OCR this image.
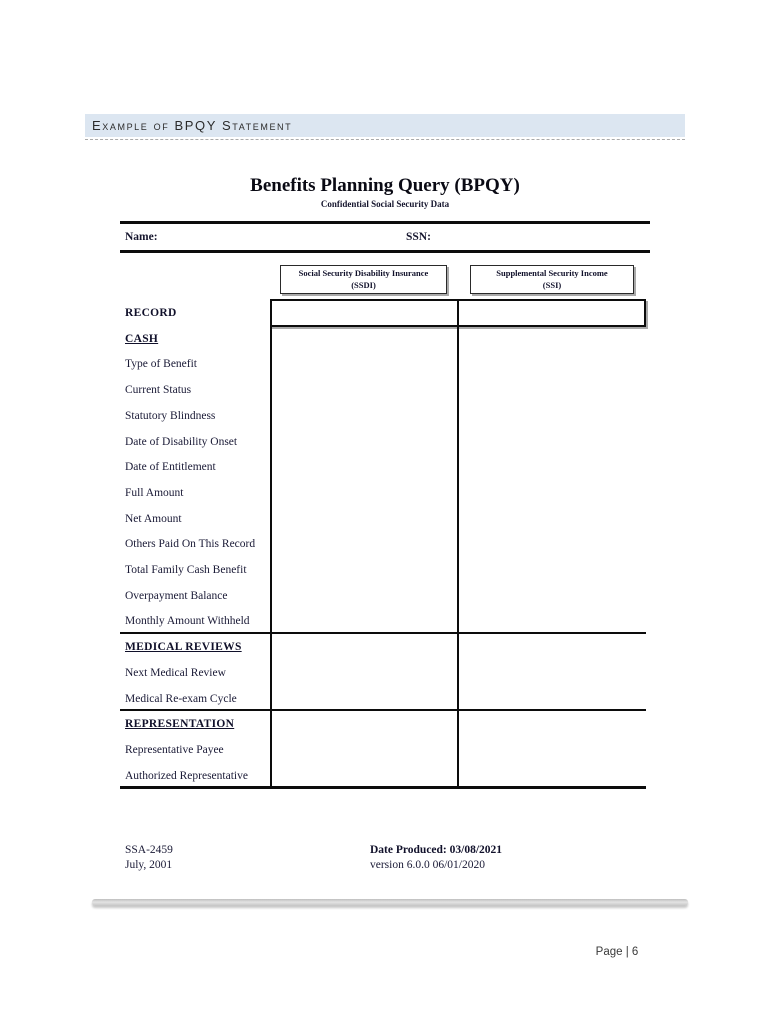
Example of BPQY Statement
Benefits Planning Query (BPQY)
Confidential Social Security Data
Name:	SSN:
Social Security Disability Insurance
(SSDI)
Supplemental Security Income
(SSI)
RECORD
CASH
Type of Benefit
Current Status
Statutory Blindness
Date of Disability Onset
Date of Entitlement
Full Amount
Net Amount
Others Paid On This Record
Total Family Cash Benefit
Overpayment Balance
Monthly Amount Withheld
MEDICAL REVIEWS
Next Medical Review
Medical Re-exam Cycle
REPRESENTATION
Representative Payee
Authorized Representative
SSA-2459
July, 2001
Date Produced: 03/08/2021
version 6.0.0 06/01/2020
Page | 6
